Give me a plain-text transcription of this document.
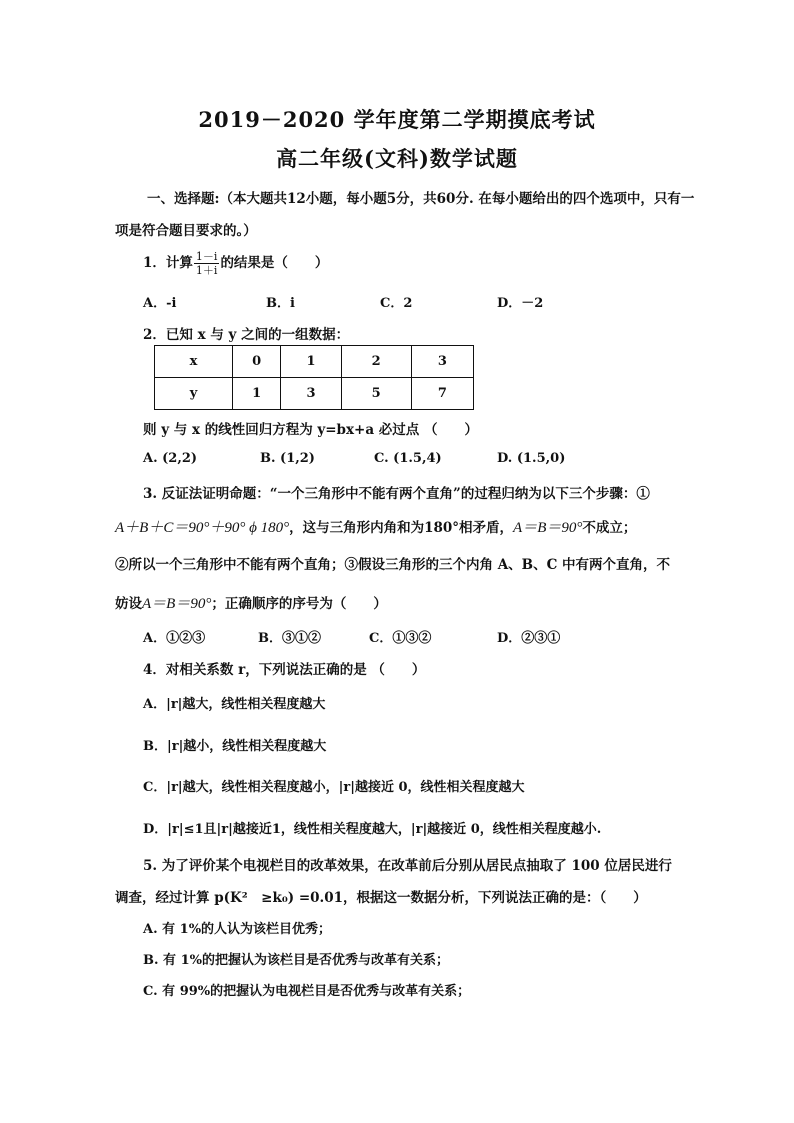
2019－2020 学年度第二学期摸底考试
高二年级(文科)数学试题
一、选择题:（本大题共12小题，每小题5分，共60分. 在每小题给出的四个选项中，只有一
项是符合题目要求的。）
1．计算 $\frac{1-i}{1+i}$ 的结果是（　　）
A．-i	B．i	C．2	D．－2
2．已知 x 与 y 之间的一组数据：
x	0	1	2	3
y	1	3	5	7
则 y 与 x 的线性回归方程为 y=bx+a 必过点 （　　）
A. (2,2)	B. (1,2)	C. (1.5,4)	D. (1.5,0)
3. 反证法证明命题：“一个三角形中不能有两个直角”的过程归纳为以下三个步骤：①
A＋B＋C＝90°＋90° ϕ 180°，这与三角形内角和为180°相矛盾，A＝B＝90°不成立；
②所以一个三角形中不能有两个直角；③假设三角形的三个内角 A、B、C 中有两个直角，不
妨设A＝B＝90°；正确顺序的序号为（　　）
A．①②③	B．③①②	C．①③②	D．②③①
4．对相关系数 r，下列说法正确的是 （　　）
A．|r|越大，线性相关程度越大
B．|r|越小，线性相关程度越大
C．|r|越大，线性相关程度越小，|r|越接近 0，线性相关程度越大
D．|r|≤1且|r|越接近1，线性相关程度越大，|r|越接近 0，线性相关程度越小.
5. 为了评价某个电视栏目的改革效果，在改革前后分别从居民点抽取了 100 位居民进行
调查，经过计算 p(K²　≥k₀) =0.01，根据这一数据分析，下列说法正确的是：（　　）
A. 有 1%的人认为该栏目优秀；
B. 有 1%的把握认为该栏目是否优秀与改革有关系；
C. 有 99%的把握认为电视栏目是否优秀与改革有关系；
